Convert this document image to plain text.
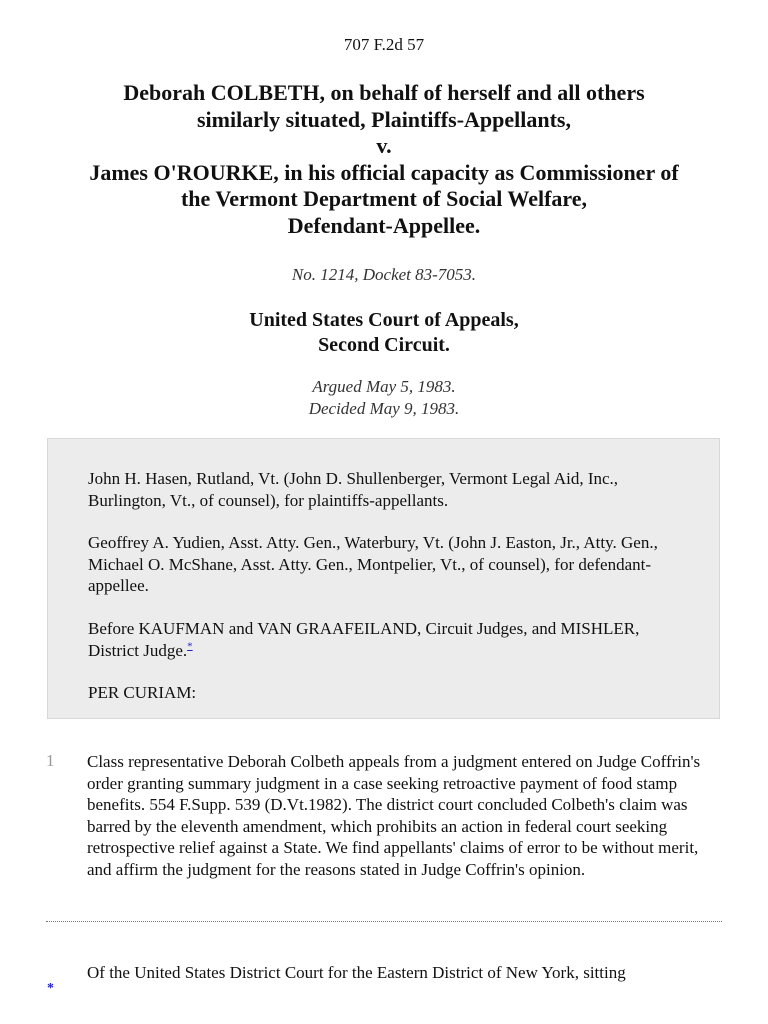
707 F.2d 57
Deborah COLBETH, on behalf of herself and all others
similarly situated, Plaintiffs-Appellants,
v.
James O'ROURKE, in his official capacity as Commissioner of
the Vermont Department of Social Welfare,
Defendant-Appellee.
No. 1214, Docket 83-7053.
United States Court of Appeals,
Second Circuit.
Argued May 5, 1983.
Decided May 9, 1983.

John H. Hasen, Rutland, Vt. (John D. Shullenberger, Vermont Legal Aid, Inc., Burlington, Vt., of counsel), for plaintiffs-appellants.

Geoffrey A. Yudien, Asst. Atty. Gen., Waterbury, Vt. (John J. Easton, Jr., Atty. Gen., Michael O. McShane, Asst. Atty. Gen., Montpelier, Vt., of counsel), for defendant-appellee.

Before KAUFMAN and VAN GRAAFEILAND, Circuit Judges, and MISHLER, District Judge.*

PER CURIAM:

1 Class representative Deborah Colbeth appeals from a judgment entered on Judge Coffrin's order granting summary judgment in a case seeking retroactive payment of food stamp benefits. 554 F.Supp. 539 (D.Vt.1982). The district court concluded Colbeth's claim was barred by the eleventh amendment, which prohibits an action in federal court seeking retrospective relief against a State. We find appellants' claims of error to be without merit, and affirm the judgment for the reasons stated in Judge Coffrin's opinion.

*

Of the United States District Court for the Eastern District of New York, sitting
